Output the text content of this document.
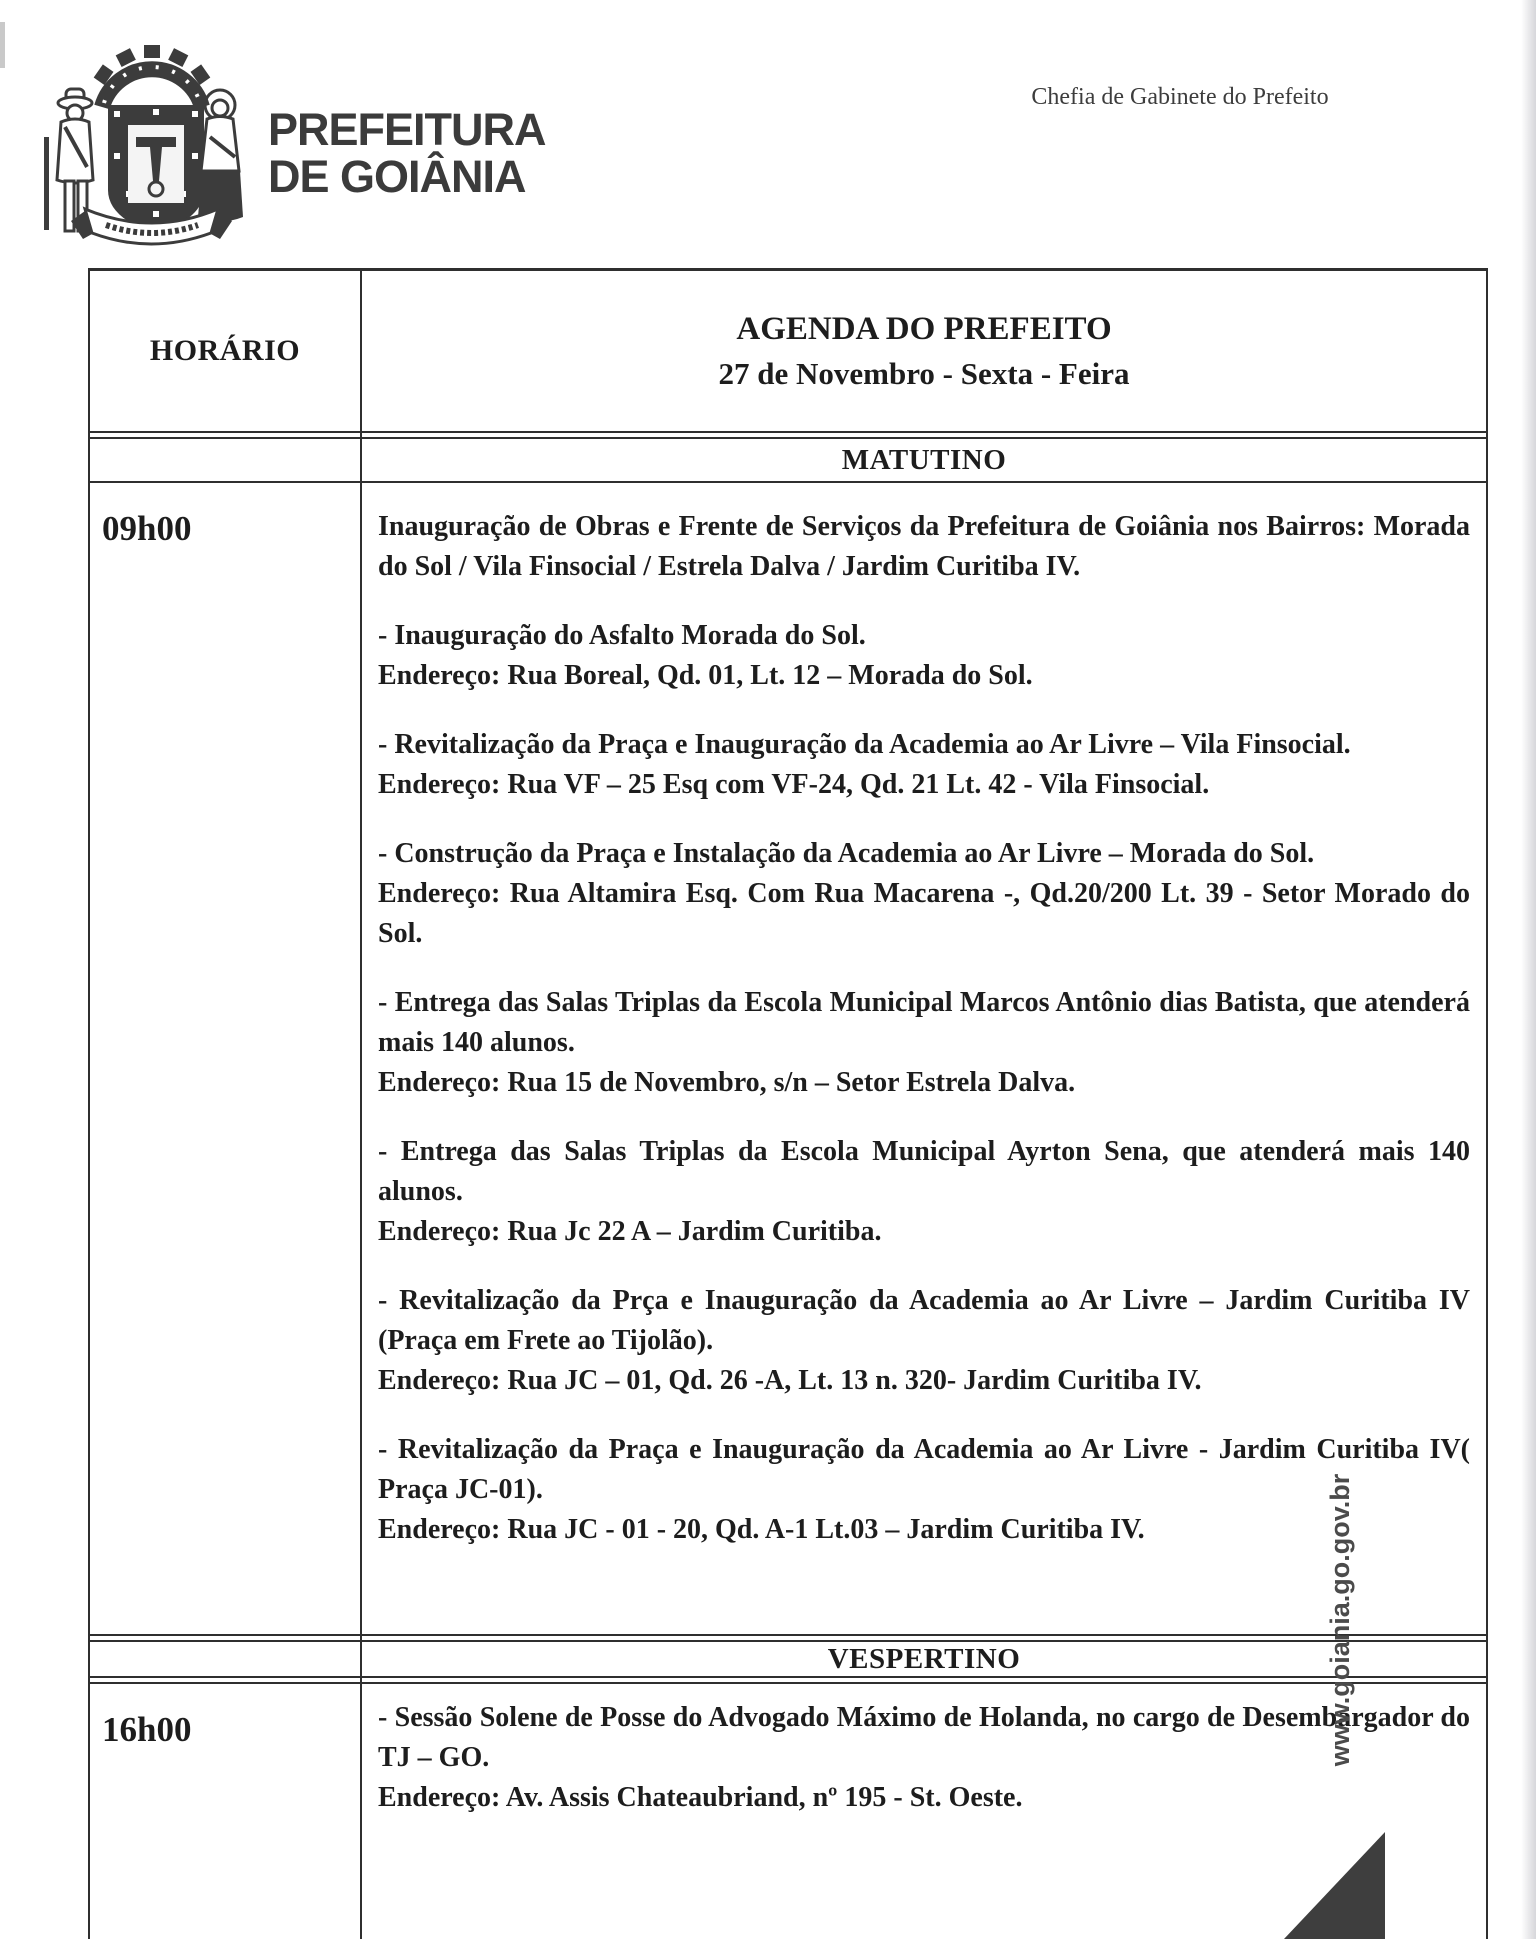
PREFEITURA
DE GOIÂNIA
Chefia de Gabinete do Prefeito
HORÁRIO
AGENDA DO PREFEITO
27 de Novembro - Sexta - Feira
MATUTINO
09h00	Inauguração de Obras e Frente de Serviços da Prefeitura de Goiânia nos Bairros: Morada do Sol / Vila Finsocial / Estrela Dalva / Jardim Curitiba IV.
- Inauguração do Asfalto Morada do Sol.
Endereço: Rua Boreal, Qd. 01, Lt. 12 – Morada do Sol.
- Revitalização da Praça e Inauguração da Academia ao Ar Livre – Vila Finsocial.
Endereço: Rua VF – 25 Esq com VF-24, Qd. 21 Lt. 42 - Vila Finsocial.
- Construção da Praça e Instalação da Academia ao Ar Livre – Morada do Sol.
Endereço: Rua Altamira Esq. Com Rua Macarena -, Qd.20/200 Lt. 39 - Setor Morado do Sol.
- Entrega das Salas Triplas da Escola Municipal Marcos Antônio dias Batista, que atenderá mais 140 alunos.
Endereço: Rua 15 de Novembro, s/n – Setor Estrela Dalva.
- Entrega das Salas Triplas da Escola Municipal Ayrton Sena, que atenderá mais 140 alunos.
Endereço: Rua Jc 22 A – Jardim Curitiba.
- Revitalização da Prça e Inauguração da Academia ao Ar Livre – Jardim Curitiba IV (Praça em Frete ao Tijolão).
Endereço: Rua JC – 01, Qd. 26 -A, Lt. 13 n. 320- Jardim Curitiba IV.
- Revitalização da Praça e Inauguração da Academia ao Ar Livre - Jardim Curitiba IV( Praça JC-01).
Endereço: Rua JC - 01 - 20, Qd. A-1 Lt.03 – Jardim Curitiba IV.
VESPERTINO
16h00	- Sessão Solene de Posse do Advogado Máximo de Holanda, no cargo de Desembargador do TJ – GO.
Endereço: Av. Assis Chateaubriand, nº 195 - St. Oeste.
www.goiania.go.gov.br
